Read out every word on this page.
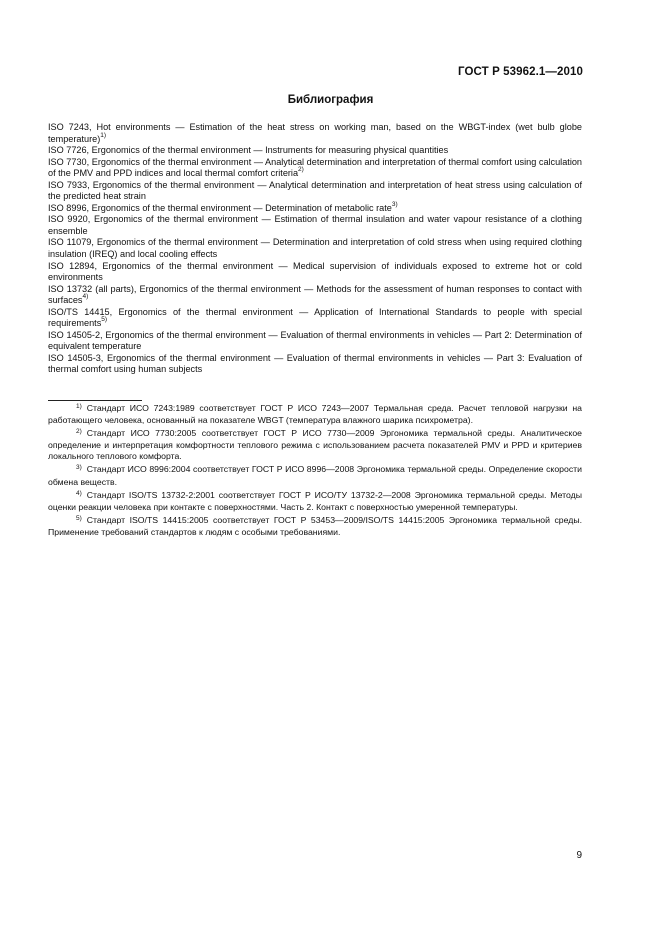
ГОСТ Р 53962.1—2010
Библиография
ISO 7243, Hot environments — Estimation of the heat stress on working man, based on the WBGT-index (wet bulb globe temperature)$^{1)}$
ISO 7726, Ergonomics of the thermal environment — Instruments for measuring physical quantities
ISO 7730, Ergonomics of the thermal environment — Analytical determination and interpretation of thermal comfort using calculation of the PMV and PPD indices and local thermal comfort criteria$^{2)}$
ISO 7933, Ergonomics of the thermal environment — Analytical determination and interpretation of heat stress using calculation of the predicted heat strain
ISO 8996, Ergonomics of the thermal environment — Determination of metabolic rate$^{3)}$
ISO 9920, Ergonomics of the thermal environment — Estimation of thermal insulation and water vapour resistance of a clothing ensemble
ISO 11079, Ergonomics of the thermal environment — Determination and interpretation of cold stress when using required clothing insulation (IREQ) and local cooling effects
ISO 12894, Ergonomics of the thermal environment — Medical supervision of individuals exposed to extreme hot or cold environments
ISO 13732 (all parts), Ergonomics of the thermal environment — Methods for the assessment of human responses to contact with surfaces$^{4)}$
ISO/TS 14415, Ergonomics of the thermal environment — Application of International Standards to people with special requirements$^{5)}$
ISO 14505-2, Ergonomics of the thermal environment — Evaluation of thermal environments in vehicles — Part 2: Determination of equivalent temperature
ISO 14505-3, Ergonomics of the thermal environment — Evaluation of thermal environments in vehicles — Part 3: Evaluation of thermal comfort using human subjects
$^{1)}$ Стандарт ИСО 7243:1989 соответствует ГОСТ Р ИСО 7243—2007 Термальная среда. Расчет тепловой нагрузки на работающего человека, основанный на показателе WBGT (температура влажного шарика психрометра).
$^{2)}$ Стандарт ИСО 7730:2005 соответствует ГОСТ Р ИСО 7730—2009 Эргономика термальной среды. Аналитическое определение и интерпретация комфортности теплового режима с использованием расчета показателей PMV и PPD и критериев локального теплового комфорта.
$^{3)}$ Стандарт ИСО 8996:2004 соответствует ГОСТ Р ИСО 8996—2008 Эргономика термальной среды. Определение скорости обмена веществ.
$^{4)}$ Стандарт ISO/TS 13732-2:2001 соответствует ГОСТ Р ИСО/ТУ 13732-2—2008 Эргономика термальной среды. Методы оценки реакции человека при контакте с поверхностями. Часть 2. Контакт с поверхностью умеренной температуры.
$^{5)}$ Стандарт ISO/TS 14415:2005 соответствует ГОСТ Р 53453—2009/ISO/TS 14415:2005 Эргономика термальной среды. Применение требований стандартов к людям с особыми требованиями.
9
